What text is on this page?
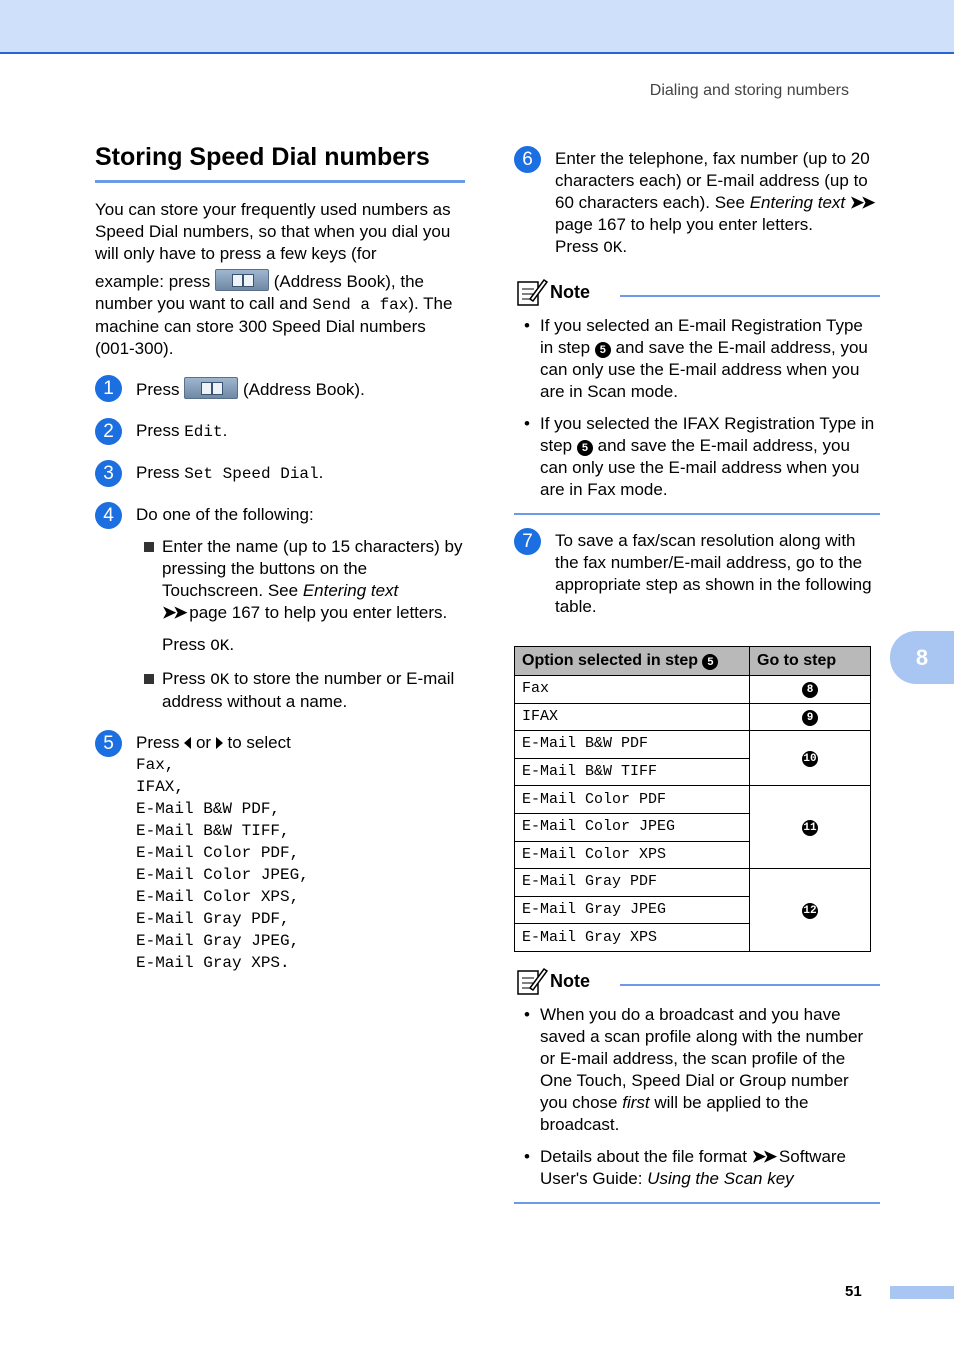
Dialing and storing numbers
8
51
Storing Speed Dial numbers

You can store your frequently used numbers as Speed Dial numbers, so that when you dial you will only have to press a few keys (for
example: press	(Address Book), the number you want to call and Send a fax). The machine can store 300 Speed Dial numbers (001-300).

1	Press	(Address Book).
2	Press Edit.
3	Press Set Speed Dial.
4	Do one of the following:
Enter the name (up to 15 characters) by pressing the buttons on the Touchscreen. See Entering text
➤➤ page 167 to help you enter letters.
Press OK.
Press OK to store the number or E-mail address without a name.
5	Press or to select
Fax,
IFAX,
E-Mail B&W PDF,
E-Mail B&W TIFF,
E-Mail Color PDF,
E-Mail Color JPEG,
E-Mail Color XPS,
E-Mail Gray PDF,
E-Mail Gray JPEG,
E-Mail Gray XPS.
6	Enter the telephone, fax number (up to 20 characters each) or E-mail address (up to 60 characters each). See Entering text ➤➤ page 167 to help you enter letters.
Press OK.
Note
• If you selected an E-mail Registration Type in step 5 and save the E-mail address, you can only use the E-mail address when you are in Scan mode.
• If you selected the IFAX Registration Type in step 5 and save the E-mail address, you can only use the E-mail address when you are in Fax mode.
7	To save a fax/scan resolution along with the fax number/E-mail address, go to the appropriate step as shown in the following table.
Option selected in step 5	Go to step
Fax	8
IFAX	9
E-Mail B&W PDF	10
E-Mail B&W TIFF	
E-Mail Color PDF	11
E-Mail Color JPEG	
E-Mail Color XPS	
E-Mail Gray PDF	12
E-Mail Gray JPEG	
E-Mail Gray XPS	
Note
• When you do a broadcast and you have saved a scan profile along with the number or E-mail address, the scan profile of the One Touch, Speed Dial or Group number you chose first will be applied to the broadcast.
• Details about the file format ➤➤ Software User's Guide: Using the Scan key
